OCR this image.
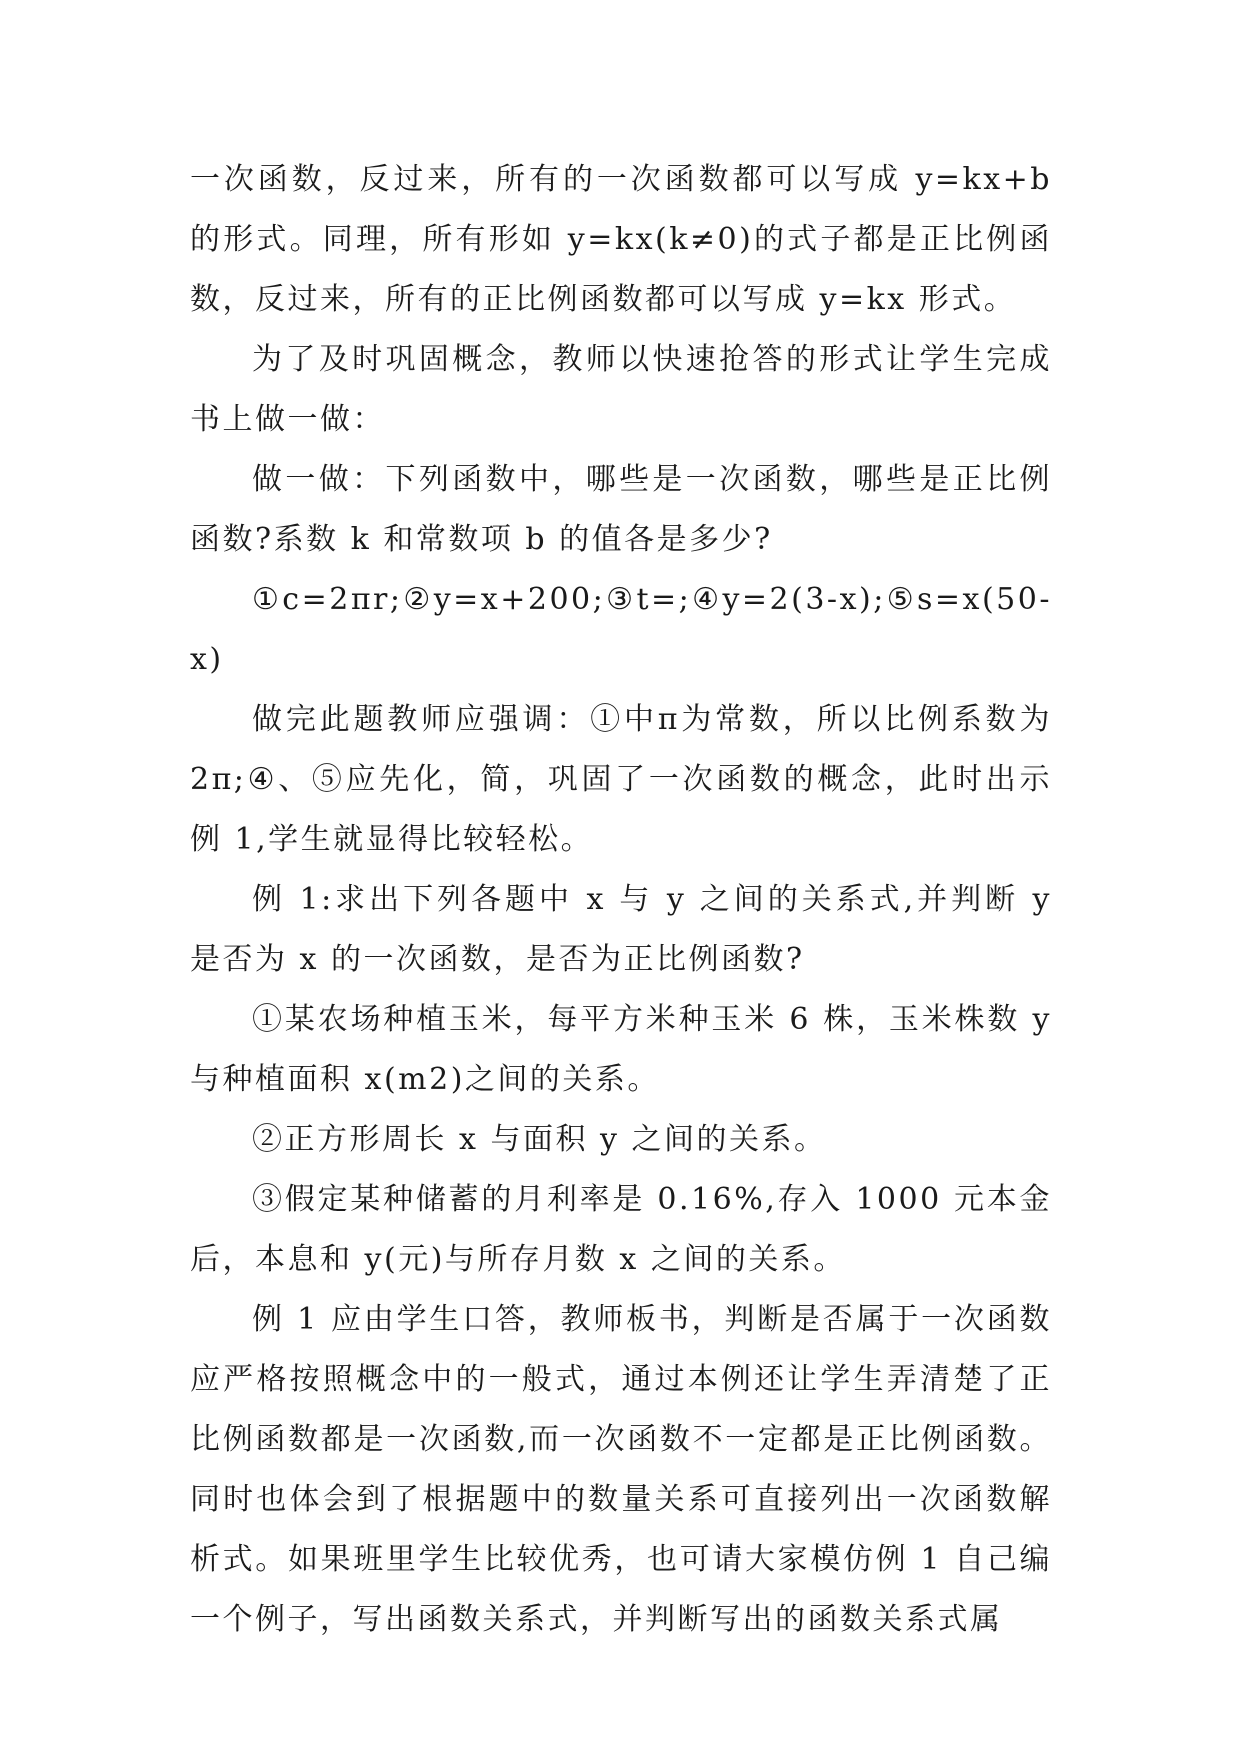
一次函数，反过来，所有的一次函数都可以写成 y=kx+b 的形式。同理，所有形如 y=kx(k≠0)的式子都是正比例函数，反过来，所有的正比例函数都可以写成 y=kx 形式。

为了及时巩固概念，教师以快速抢答的形式让学生完成书上做一做：

做一做：下列函数中，哪些是一次函数，哪些是正比例函数?系数 k 和常数项 b 的值各是多少?

①c=2πr;②y=x+200;③t=;④y=2(3-x);⑤s=x(50-x)

做完此题教师应强调：①中π为常数，所以比例系数为 2π;④、⑤应先化，简，巩固了一次函数的概念，此时出示例 1,学生就显得比较轻松。

例 1:求出下列各题中 x 与 y 之间的关系式,并判断 y 是否为 x 的一次函数，是否为正比例函数?

①某农场种植玉米，每平方米种玉米 6 株，玉米株数 y 与种植面积 x(m2)之间的关系。

②正方形周长 x 与面积 y 之间的关系。

③假定某种储蓄的月利率是 0.16%,存入 1000 元本金后，本息和 y(元)与所存月数 x 之间的关系。

例 1 应由学生口答，教师板书，判断是否属于一次函数应严格按照概念中的一般式，通过本例还让学生弄清楚了正比例函数都是一次函数,而一次函数不一定都是正比例函数。同时也体会到了根据题中的数量关系可直接列出一次函数解析式。如果班里学生比较优秀，也可请大家模仿例 1 自己编一个例子，写出函数关系式，并判断写出的函数关系式属
